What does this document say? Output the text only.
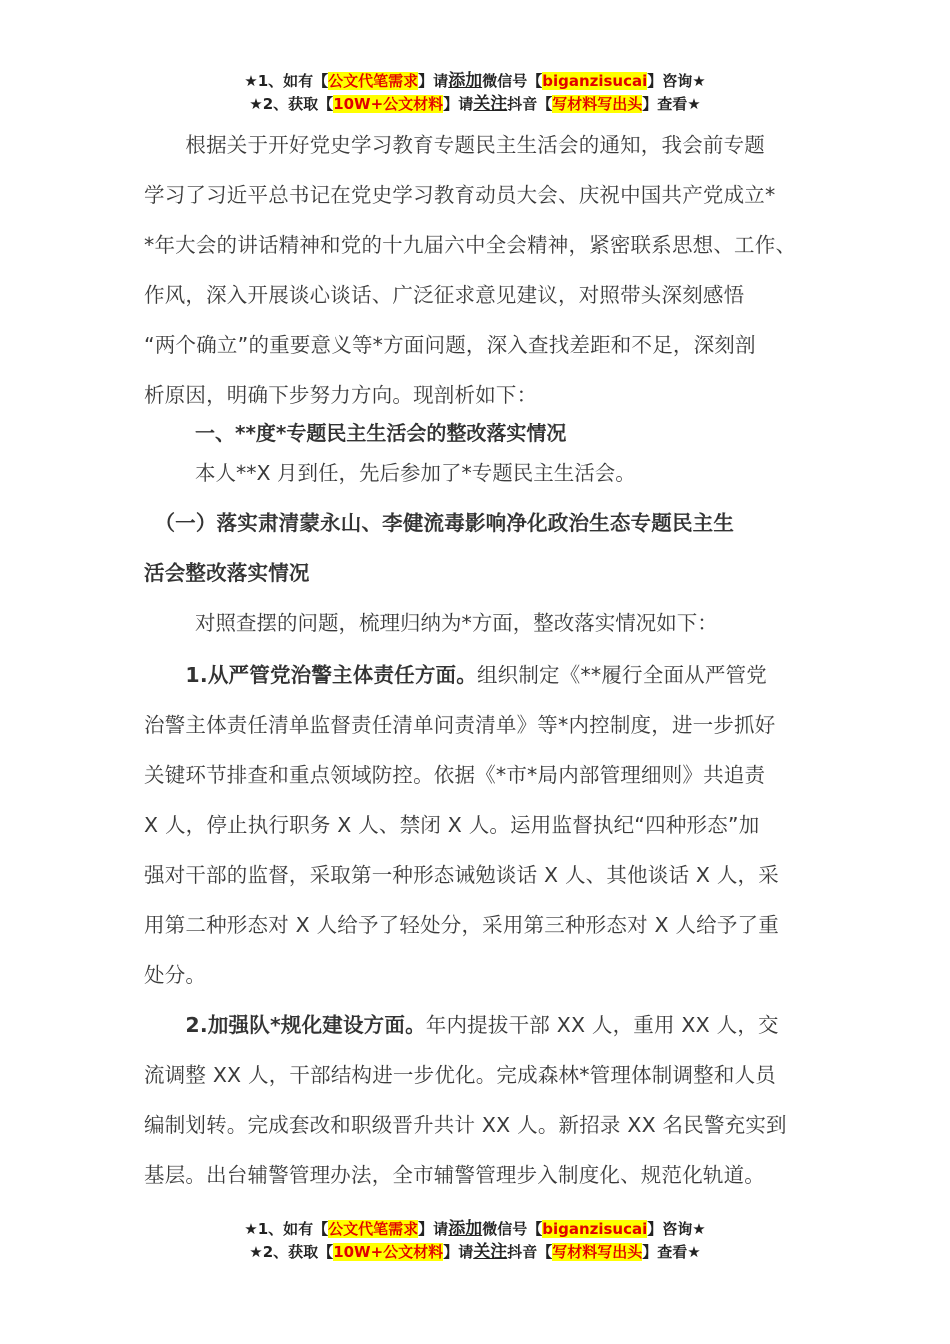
★1、如有【公文代笔需求】请添加微信号【biganzisucai】咨询★
★2、获取【10W+公文材料】请关注抖音【写材料写出头】查看★
　　根据关于开好党史学习教育专题民主生活会的通知，我会前专题
学习了习近平总书记在党史学习教育动员大会、庆祝中国共产党成立*
*年大会的讲话精神和党的十九届六中全会精神，紧密联系思想、工作、
作风，深入开展谈心谈话、广泛征求意见建议，对照带头深刻感悟
“两个确立”的重要意义等*方面问题，深入查找差距和不足，深刻剖
析原因，明确下步努力方向。现剖析如下：
一、**度*专题民主生活会的整改落实情况
本人**X 月到任，先后参加了*专题民主生活会。
　（一）落实肃清蒙永山、李健流毒影响净化政治生态专题民主生
活会整改落实情况
对照查摆的问题，梳理归纳为*方面，整改落实情况如下：
　　1.从严管党治警主体责任方面。组织制定《**履行全面从严管党
治警主体责任清单监督责任清单问责清单》等*内控制度，进一步抓好
关键环节排查和重点领域防控。依据《*市*局内部管理细则》共追责
X 人，停止执行职务 X 人、禁闭 X 人。运用监督执纪“四种形态”加
强对干部的监督，采取第一种形态诫勉谈话 X 人、其他谈话 X 人，采
用第二种形态对 X 人给予了轻处分，采用第三种形态对 X 人给予了重
处分。
　　2.加强队*规化建设方面。年内提拔干部 XX 人，重用 XX 人，交
流调整 XX 人，干部结构进一步优化。完成森林*管理体制调整和人员
编制划转。完成套改和职级晋升共计 XX 人。新招录 XX 名民警充实到
基层。出台辅警管理办法，全市辅警管理步入制度化、规范化轨道。
★1、如有【公文代笔需求】请添加微信号【biganzisucai】咨询★
★2、获取【10W+公文材料】请关注抖音【写材料写出头】查看★
